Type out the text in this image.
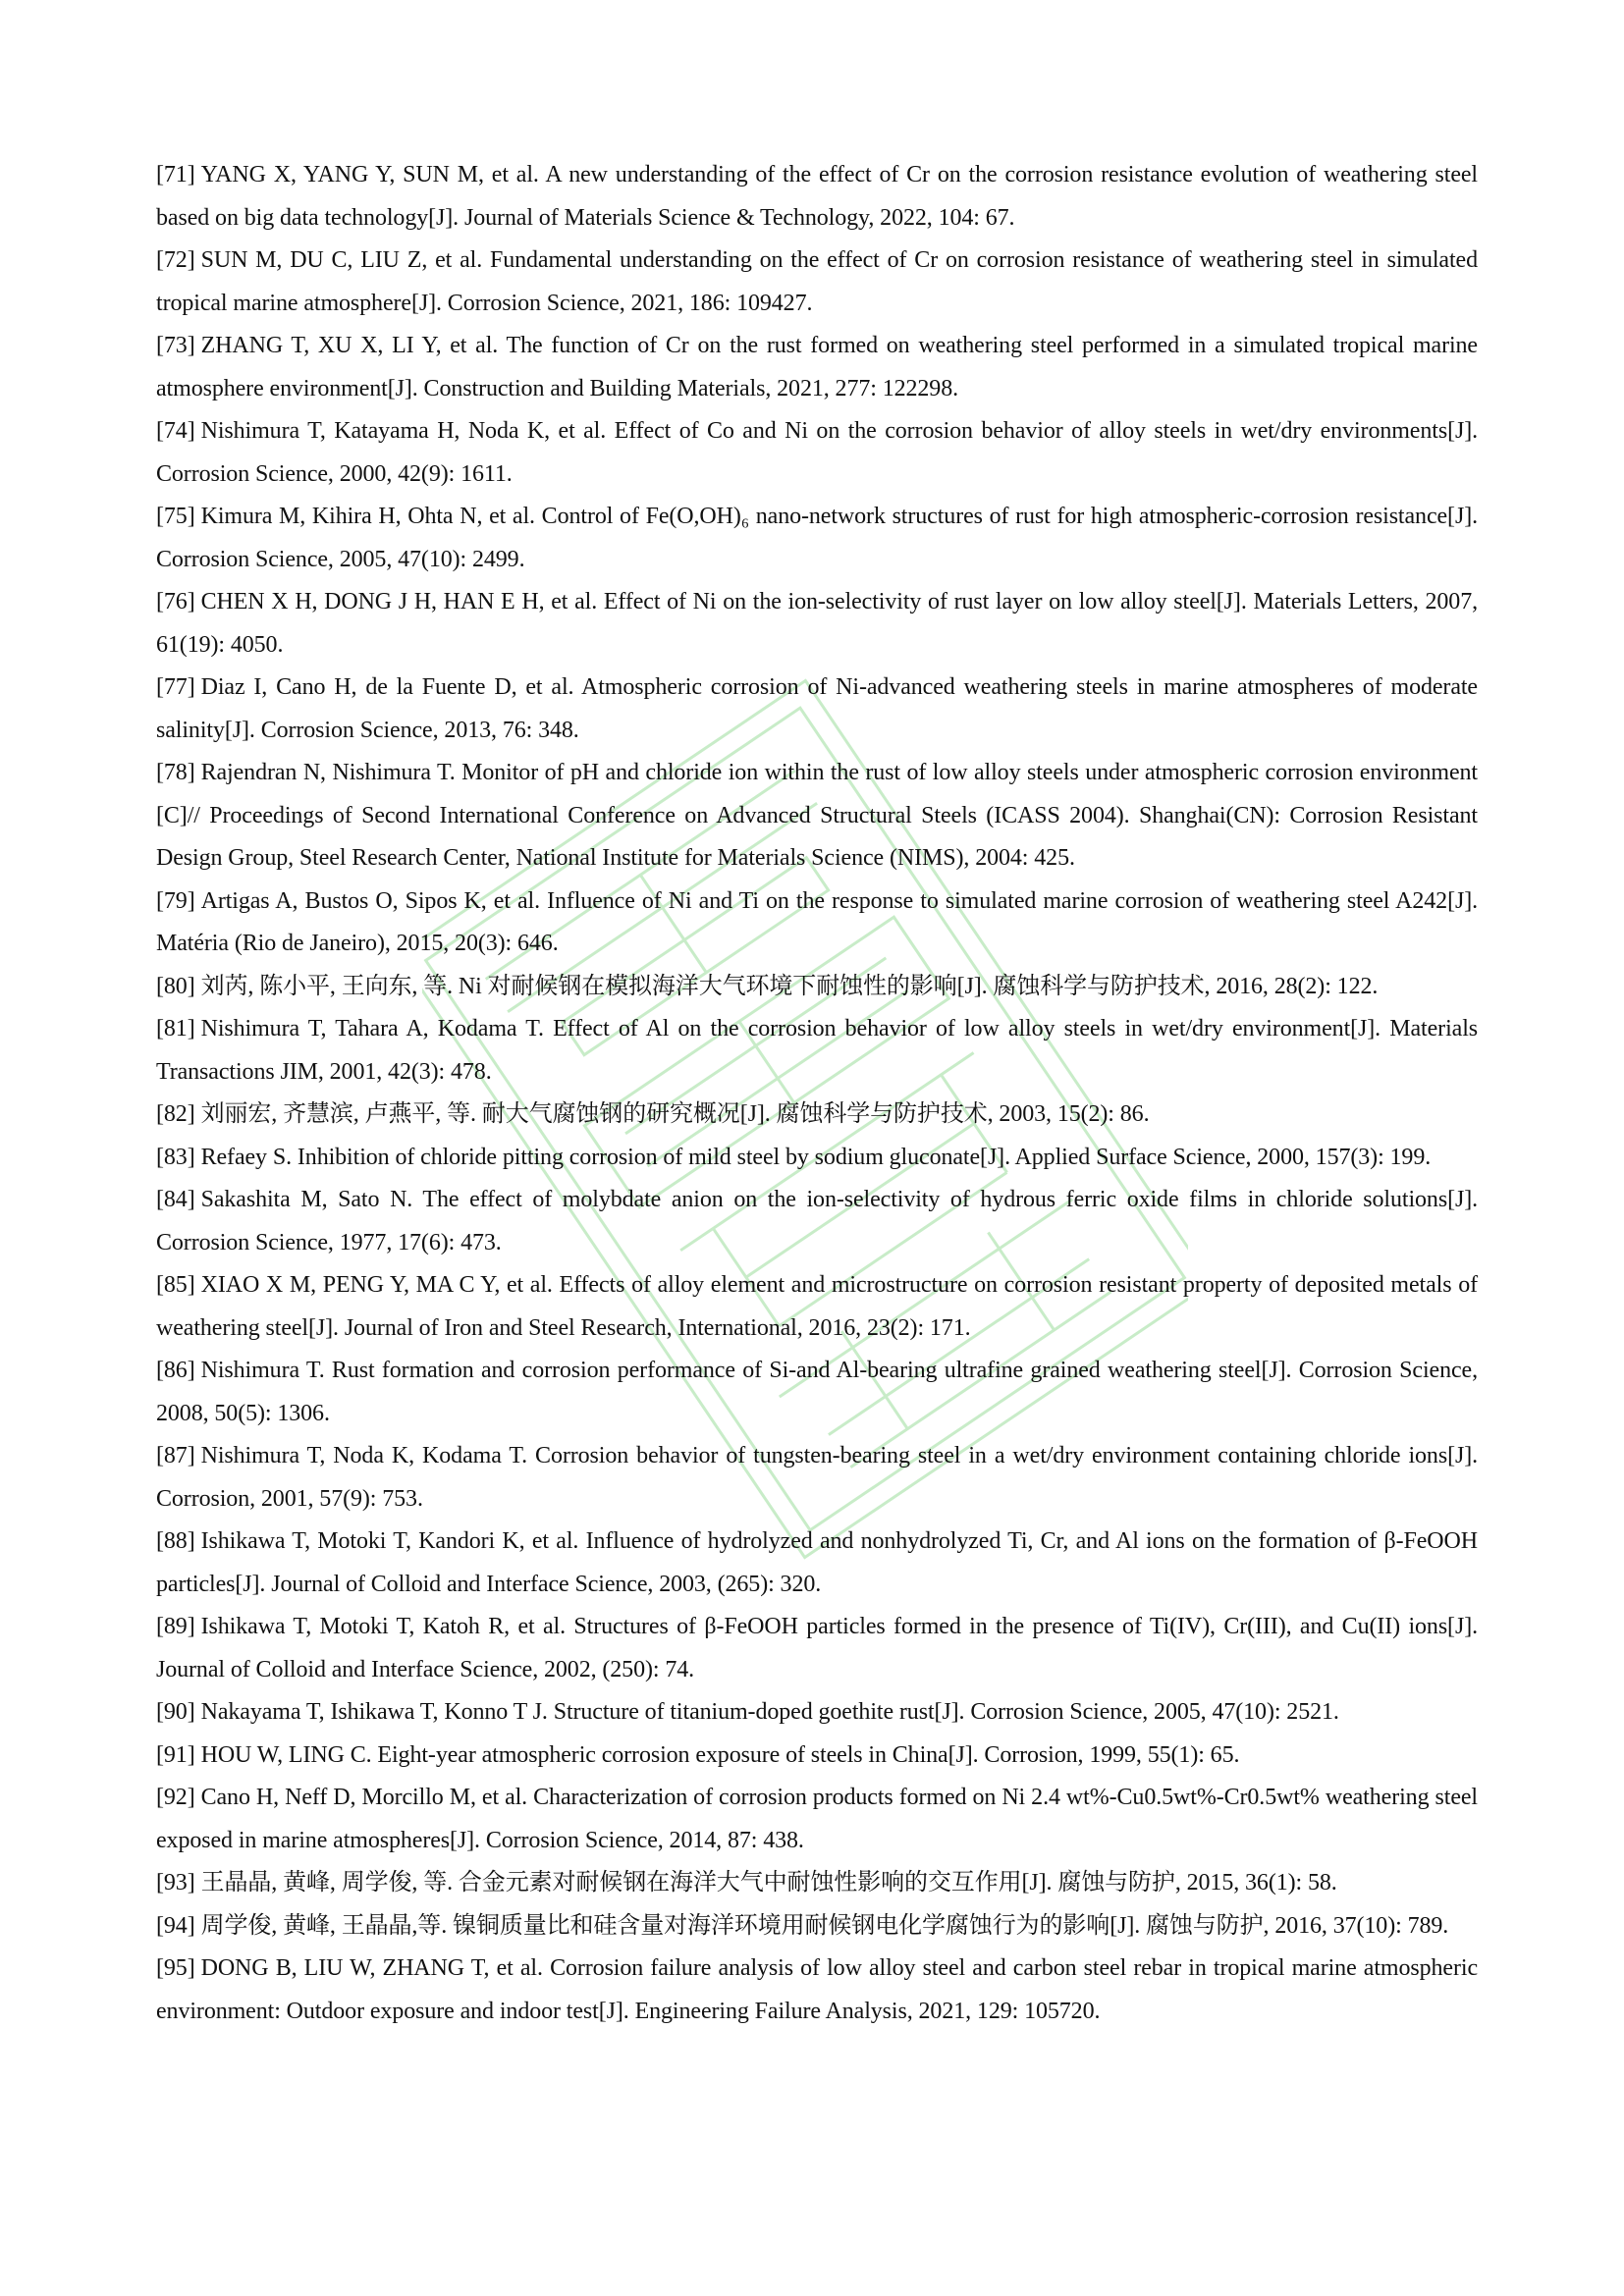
[71] YANG X, YANG Y, SUN M, et al. A new understanding of the effect of Cr on the corrosion resistance evolution of weathering steel based on big data technology[J]. Journal of Materials Science & Technology, 2022, 104: 67.

[72] SUN M, DU C, LIU Z, et al. Fundamental understanding on the effect of Cr on corrosion resistance of weathering steel in simulated tropical marine atmosphere[J]. Corrosion Science, 2021, 186: 109427.

[73] ZHANG T, XU X, LI Y, et al. The function of Cr on the rust formed on weathering steel performed in a simulated tropical marine atmosphere environment[J]. Construction and Building Materials, 2021, 277: 122298.

[74] Nishimura T, Katayama H, Noda K, et al. Effect of Co and Ni on the corrosion behavior of alloy steels in wet/dry environments[J]. Corrosion Science, 2000, 42(9): 1611.

[75] Kimura M, Kihira H, Ohta N, et al. Control of Fe(O,OH)₆ nano-network structures of rust for high atmospheric-corrosion resistance[J]. Corrosion Science, 2005, 47(10): 2499.

[76] CHEN X H, DONG J H, HAN E H, et al. Effect of Ni on the ion-selectivity of rust layer on low alloy steel[J]. Materials Letters, 2007, 61(19): 4050.

[77] Diaz I, Cano H, de la Fuente D, et al. Atmospheric corrosion of Ni-advanced weathering steels in marine atmospheres of moderate salinity[J]. Corrosion Science, 2013, 76: 348.

[78] Rajendran N, Nishimura T. Monitor of pH and chloride ion within the rust of low alloy steels under atmospheric corrosion environment [C]// Proceedings of Second International Conference on Advanced Structural Steels (ICASS 2004). Shanghai(CN): Corrosion Resistant Design Group, Steel Research Center, National Institute for Materials Science (NIMS), 2004: 425.

[79] Artigas A, Bustos O, Sipos K, et al. Influence of Ni and Ti on the response to simulated marine corrosion of weathering steel A242[J]. Matéria (Rio de Janeiro), 2015, 20(3): 646.

[80] 刘芮, 陈小平, 王向东, 等. Ni 对耐候钢在模拟海洋大气环境下耐蚀性的影响[J]. 腐蚀科学与防护技术, 2016, 28(2): 122.

[81] Nishimura T, Tahara A, Kodama T. Effect of Al on the corrosion behavior of low alloy steels in wet/dry environment[J]. Materials Transactions JIM, 2001, 42(3): 478.

[82] 刘丽宏, 齐慧滨, 卢燕平, 等. 耐大气腐蚀钢的研究概况[J]. 腐蚀科学与防护技术, 2003, 15(2): 86.

[83] Refaey S. Inhibition of chloride pitting corrosion of mild steel by sodium gluconate[J]. Applied Surface Science, 2000, 157(3): 199.

[84] Sakashita M, Sato N. The effect of molybdate anion on the ion-selectivity of hydrous ferric oxide films in chloride solutions[J]. Corrosion Science, 1977, 17(6): 473.

[85] XIAO X M, PENG Y, MA C Y, et al. Effects of alloy element and microstructure on corrosion resistant property of deposited metals of weathering steel[J]. Journal of Iron and Steel Research, International, 2016, 23(2): 171.

[86] Nishimura T. Rust formation and corrosion performance of Si-and Al-bearing ultrafine grained weathering steel[J]. Corrosion Science, 2008, 50(5): 1306.

[87] Nishimura T, Noda K, Kodama T. Corrosion behavior of tungsten-bearing steel in a wet/dry environment containing chloride ions[J]. Corrosion, 2001, 57(9): 753.

[88] Ishikawa T, Motoki T, Kandori K, et al. Influence of hydrolyzed and nonhydrolyzed Ti, Cr, and Al ions on the formation of β-FeOOH particles[J]. Journal of Colloid and Interface Science, 2003, (265): 320.

[89] Ishikawa T, Motoki T, Katoh R, et al. Structures of β-FeOOH particles formed in the presence of Ti(IV), Cr(III), and Cu(II) ions[J]. Journal of Colloid and Interface Science, 2002, (250): 74.

[90] Nakayama T, Ishikawa T, Konno T J. Structure of titanium-doped goethite rust[J]. Corrosion Science, 2005, 47(10): 2521.

[91] HOU W, LING C. Eight-year atmospheric corrosion exposure of steels in China[J]. Corrosion, 1999, 55(1): 65.

[92] Cano H, Neff D, Morcillo M, et al. Characterization of corrosion products formed on Ni 2.4 wt%-Cu0.5wt%-Cr0.5wt% weathering steel exposed in marine atmospheres[J]. Corrosion Science, 2014, 87: 438.

[93] 王晶晶, 黄峰, 周学俊, 等. 合金元素对耐候钢在海洋大气中耐蚀性影响的交互作用[J]. 腐蚀与防护, 2015, 36(1): 58.

[94] 周学俊, 黄峰, 王晶晶,等. 镍铜质量比和硅含量对海洋环境用耐候钢电化学腐蚀行为的影响[J]. 腐蚀与防护, 2016, 37(10): 789.

[95] DONG B, LIU W, ZHANG T, et al. Corrosion failure analysis of low alloy steel and carbon steel rebar in tropical marine atmospheric environment: Outdoor exposure and indoor test[J]. Engineering Failure Analysis, 2021, 129: 105720.
